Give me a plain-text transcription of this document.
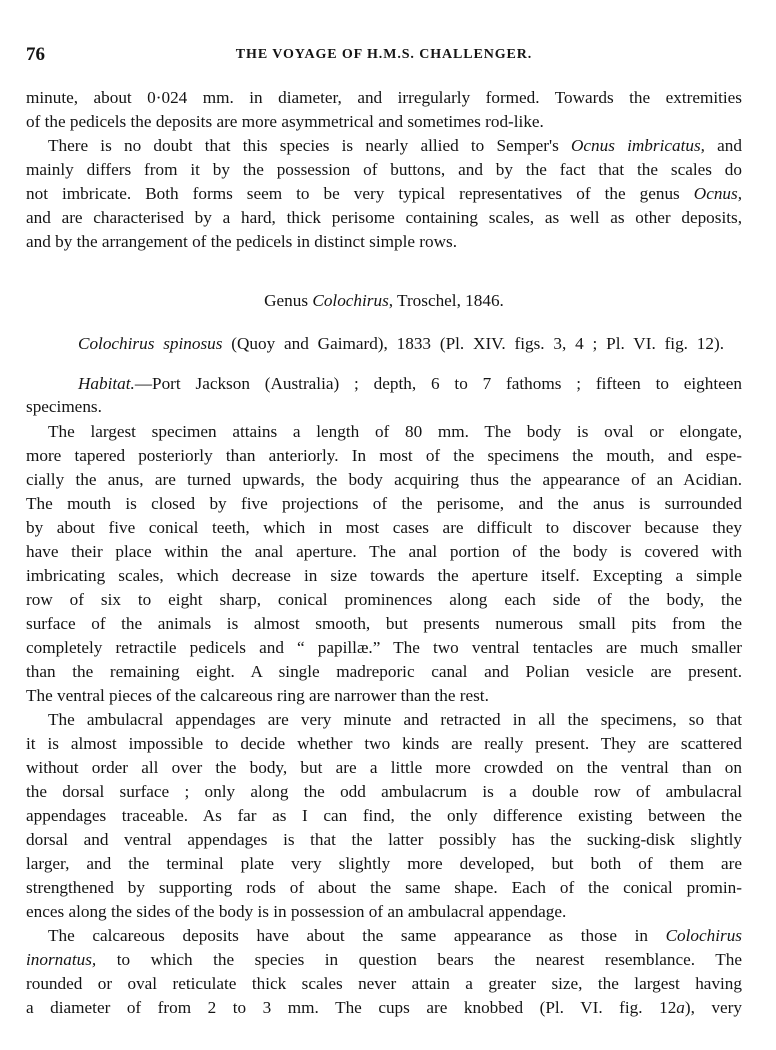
76	THE VOYAGE OF H.M.S. CHALLENGER.
minute, about 0·024 mm. in diameter, and irregularly formed. Towards the extremities
of the pedicels the deposits are more asymmetrical and sometimes rod-like.
There is no doubt that this species is nearly allied to Semper's Ocnus imbricatus, and
mainly differs from it by the possession of buttons, and by the fact that the scales do
not imbricate. Both forms seem to be very typical representatives of the genus Ocnus,
and are characterised by a hard, thick perisome containing scales, as well as other deposits,
and by the arrangement of the pedicels in distinct simple rows.
Genus Colochirus, Troschel, 1846.
Colochirus spinosus (Quoy and Gaimard), 1833 (Pl. XIV. figs. 3, 4 ; Pl. VI. fig. 12).
Habitat.—Port Jackson (Australia) ; depth, 6 to 7 fathoms ; fifteen to eighteen
specimens.
The largest specimen attains a length of 80 mm. The body is oval or elongate,
more tapered posteriorly than anteriorly. In most of the specimens the mouth, and espe-
cially the anus, are turned upwards, the body acquiring thus the appearance of an Acidian.
The mouth is closed by five projections of the perisome, and the anus is surrounded
by about five conical teeth, which in most cases are difficult to discover because they
have their place within the anal aperture. The anal portion of the body is covered with
imbricating scales, which decrease in size towards the aperture itself. Excepting a simple
row of six to eight sharp, conical prominences along each side of the body, the
surface of the animals is almost smooth, but presents numerous small pits from the
completely retractile pedicels and “ papillæ.” The two ventral tentacles are much smaller
than the remaining eight. A single madreporic canal and Polian vesicle are present.
The ventral pieces of the calcareous ring are narrower than the rest.
The ambulacral appendages are very minute and retracted in all the specimens, so that
it is almost impossible to decide whether two kinds are really present. They are scattered
without order all over the body, but are a little more crowded on the ventral than on
the dorsal surface ; only along the odd ambulacrum is a double row of ambulacral
appendages traceable. As far as I can find, the only difference existing between the
dorsal and ventral appendages is that the latter possibly has the sucking-disk slightly
larger, and the terminal plate very slightly more developed, but both of them are
strengthened by supporting rods of about the same shape. Each of the conical promin-
ences along the sides of the body is in possession of an ambulacral appendage.
The calcareous deposits have about the same appearance as those in Colochirus
inornatus, to which the species in question bears the nearest resemblance. The
rounded or oval reticulate thick scales never attain a greater size, the largest having
a diameter of from 2 to 3 mm. The cups are knobbed (Pl. VI. fig. 12a), very
